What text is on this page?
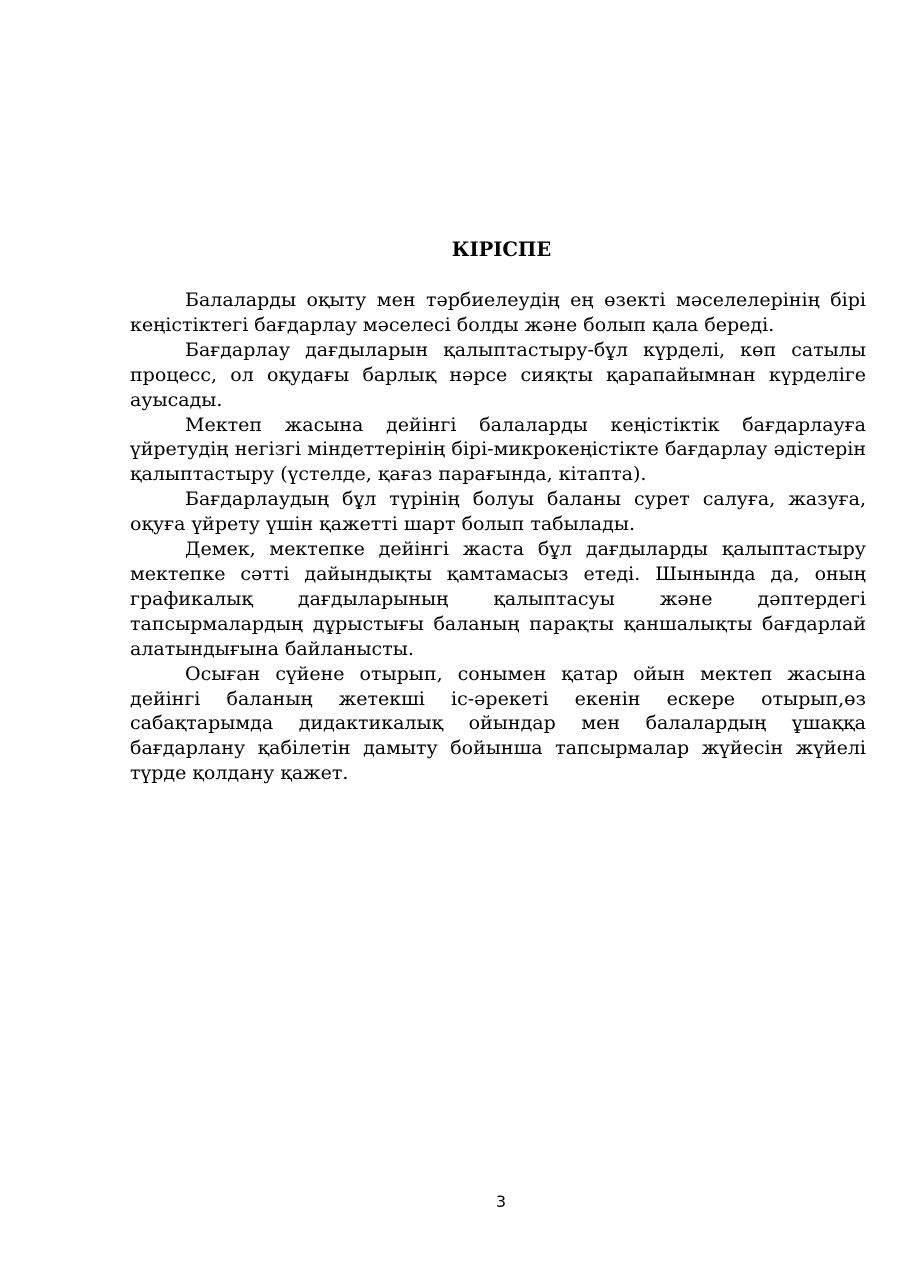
КІРІСПЕ

Балаларды оқыту мен тәрбиелеудің ең өзекті мәселелерінің бірі кеңістіктегі бағдарлау мәселесі болды және болып қала береді.

Бағдарлау дағдыларын қалыптастыру-бұл күрделі, көп сатылы процесс, ол оқудағы барлық нәрсе сияқты қарапайымнан күрделіге ауысады.

Мектеп жасына дейінгі балаларды кеңістіктік бағдарлауға үйретудің негізгі міндеттерінің бірі-микрокеңістікте бағдарлау әдістерін қалыптастыру (үстелде, қағаз парағында, кітапта).

Бағдарлаудың бұл түрінің болуы баланы сурет салуға, жазуға, оқуға үйрету үшін қажетті шарт болып табылады.

Демек, мектепке дейінгі жаста бұл дағдыларды қалыптастыру мектепке сәтті дайындықты қамтамасыз етеді. Шынында да, оның графикалық дағдыларының қалыптасуы және дәптердегі тапсырмалардың дұрыстығы баланың парақты қаншалықты бағдарлай алатындығына байланысты.

Осыған сүйене отырып, сонымен қатар ойын мектеп жасына дейінгі баланың жетекші іс-әрекеті екенін ескере отырып,өз сабақтарымда дидактикалық ойындар мен балалардың ұшаққа бағдарлану қабілетін дамыту бойынша тапсырмалар жүйесін жүйелі түрде қолдану қажет.

3
